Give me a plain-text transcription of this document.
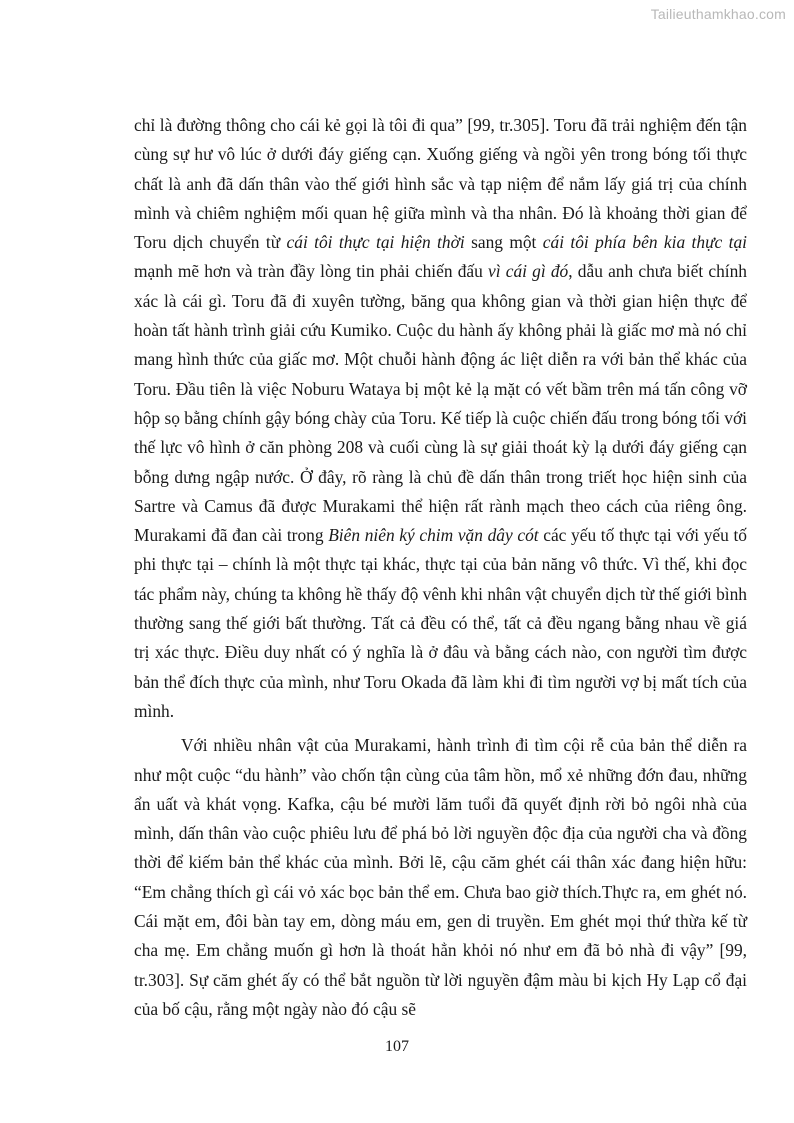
Tailieuthamkhao.com

chỉ là đường thông cho cái kẻ gọi là tôi đi qua” [99, tr.305]. Toru đã trải nghiệm đến tận cùng sự hư vô lúc ở dưới đáy giếng cạn. Xuống giếng và ngồi yên trong bóng tối thực chất là anh đã dấn thân vào thế giới hình sắc và tạp niệm để nắm lấy giá trị của chính mình và chiêm nghiệm mối quan hệ giữa mình và tha nhân. Đó là khoảng thời gian để Toru dịch chuyển từ cái tôi thực tại hiện thời sang một cái tôi phía bên kia thực tại mạnh mẽ hơn và tràn đầy lòng tin phải chiến đấu vì cái gì đó, dẫu anh chưa biết chính xác là cái gì. Toru đã đi xuyên tường, băng qua không gian và thời gian hiện thực để hoàn tất hành trình giải cứu Kumiko. Cuộc du hành ấy không phải là giấc mơ mà nó chỉ mang hình thức của giấc mơ. Một chuỗi hành động ác liệt diễn ra với bản thể khác của Toru. Đầu tiên là việc Noburu Wataya bị một kẻ lạ mặt có vết bầm trên má tấn công vỡ hộp sọ bằng chính gậy bóng chày của Toru. Kế tiếp là cuộc chiến đấu trong bóng tối với thế lực vô hình ở căn phòng 208 và cuối cùng là sự giải thoát kỳ lạ dưới đáy giếng cạn bỗng dưng ngập nước. Ở đây, rõ ràng là chủ đề dấn thân trong triết học hiện sinh của Sartre và Camus đã được Murakami thể hiện rất rành mạch theo cách của riêng ông. Murakami đã đan cài trong Biên niên ký chim vặn dây cót các yếu tố thực tại với yếu tố phi thực tại – chính là một thực tại khác, thực tại của bản năng vô thức. Vì thế, khi đọc tác phẩm này, chúng ta không hề thấy độ vênh khi nhân vật chuyển dịch từ thế giới bình thường sang thế giới bất thường. Tất cả đều có thể, tất cả đều ngang bằng nhau về giá trị xác thực. Điều duy nhất có ý nghĩa là ở đâu và bằng cách nào, con người tìm được bản thể đích thực của mình, như Toru Okada đã làm khi đi tìm người vợ bị mất tích của mình.

Với nhiều nhân vật của Murakami, hành trình đi tìm cội rễ của bản thể diễn ra như một cuộc “du hành” vào chốn tận cùng của tâm hồn, mổ xẻ những đớn đau, những ẩn uất và khát vọng. Kafka, cậu bé mười lăm tuổi đã quyết định rời bỏ ngôi nhà của mình, dấn thân vào cuộc phiêu lưu để phá bỏ lời nguyền độc địa của người cha và đồng thời để kiếm bản thể khác của mình. Bởi lẽ, cậu căm ghét cái thân xác đang hiện hữu: “Em chẳng thích gì cái vỏ xác bọc bản thể em. Chưa bao giờ thích.Thực ra, em ghét nó. Cái mặt em, đôi bàn tay em, dòng máu em, gen di truyền. Em ghét mọi thứ thừa kế từ cha mẹ. Em chẳng muốn gì hơn là thoát hẳn khỏi nó như em đã bỏ nhà đi vậy” [99, tr.303]. Sự căm ghét ấy có thể bắt nguồn từ lời nguyền đậm màu bi kịch Hy Lạp cổ đại của bố cậu, rằng một ngày nào đó cậu sẽ

107
